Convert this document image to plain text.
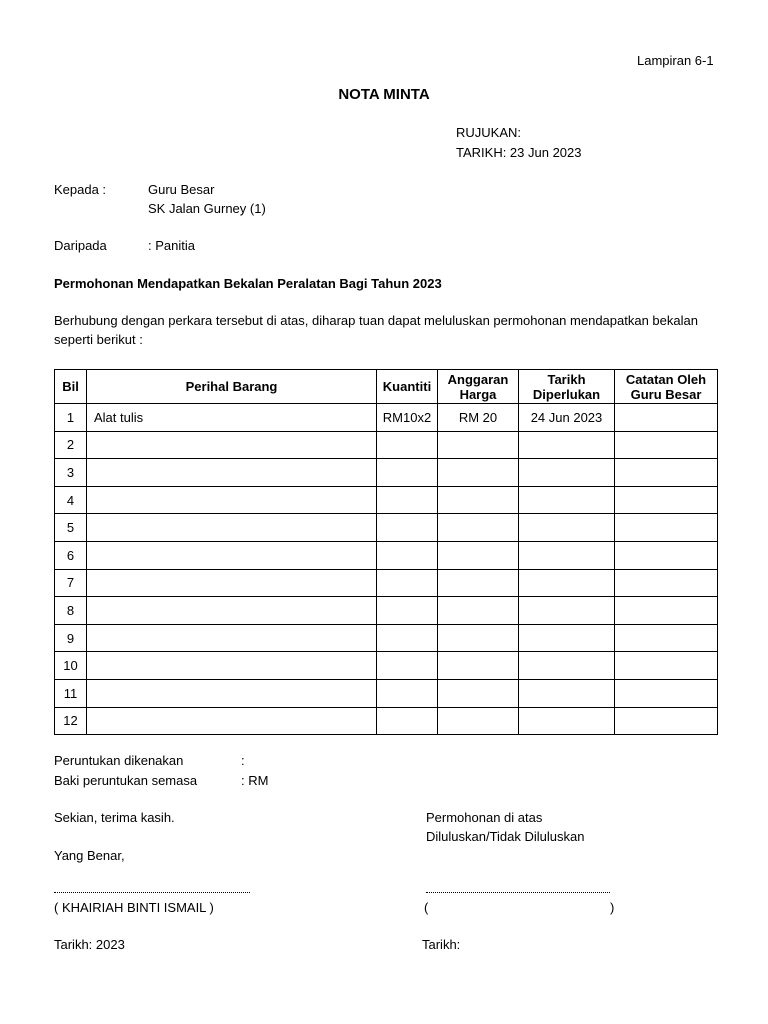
Lampiran 6-1
NOTA MINTA
RUJUKAN:
TARIKH: 23 Jun 2023
Kepada :	Guru Besar
SK Jalan Gurney (1)
Daripada	: Panitia
Permohonan Mendapatkan Bekalan Peralatan Bagi Tahun 2023
Berhubung dengan perkara tersebut di atas, diharap tuan dapat meluluskan permohonan mendapatkan bekalan
seperti berikut :
Bil	Perihal Barang	Kuantiti	Anggaran Harga	Tarikh Diperlukan	Catatan Oleh Guru Besar
1	Alat tulis	RM10x2	RM 20	24 Jun 2023	
2					
3					
4					
5					
6					
7					
8					
9					
10					
11					
12					
Peruntukan dikenakan	:
Baki peruntukan semasa	: RM
Sekian, terima kasih.
Yang Benar,
Permohonan di atas
Diluluskan/Tidak Diluluskan
( KHAIRIAH BINTI ISMAIL )	(	)
Tarikh: 2023	Tarikh:
